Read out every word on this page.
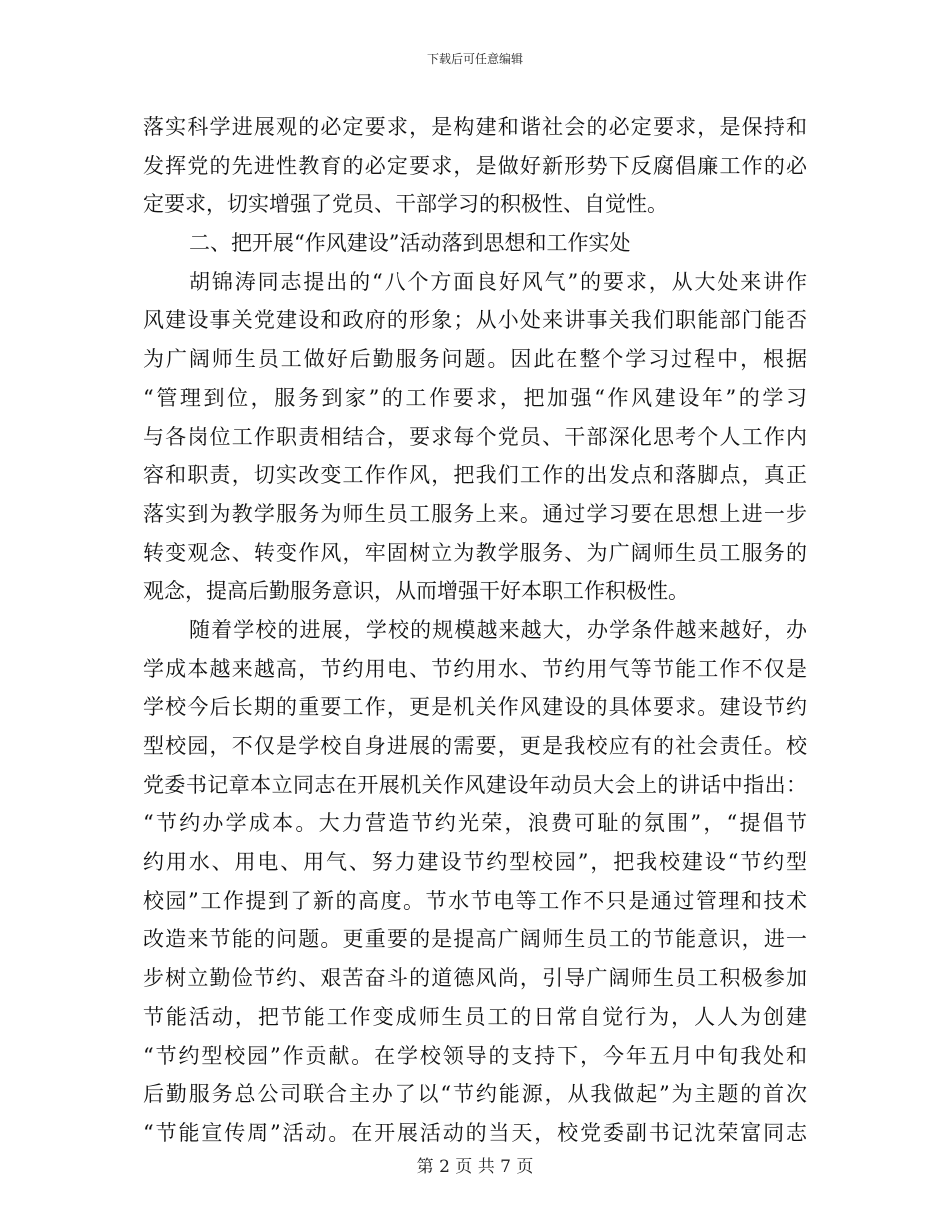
下载后可任意编辑
落实科学进展观的必定要求，是构建和谐社会的必定要求，是保持和
发挥党的先进性教育的必定要求，是做好新形势下反腐倡廉工作的必
定要求，切实增强了党员、干部学习的积极性、自觉性。
二、把开展“作风建设”活动落到思想和工作实处
胡锦涛同志提出的“八个方面良好风气”的要求，从大处来讲作
风建设事关党建设和政府的形象；从小处来讲事关我们职能部门能否
为广阔师生员工做好后勤服务问题。因此在整个学习过程中，根据
“管理到位，服务到家”的工作要求，把加强“作风建设年”的学习
与各岗位工作职责相结合，要求每个党员、干部深化思考个人工作内
容和职责，切实改变工作作风，把我们工作的出发点和落脚点，真正
落实到为教学服务为师生员工服务上来。通过学习要在思想上进一步
转变观念、转变作风，牢固树立为教学服务、为广阔师生员工服务的
观念，提高后勤服务意识，从而增强干好本职工作积极性。
随着学校的进展，学校的规模越来越大，办学条件越来越好，办
学成本越来越高，节约用电、节约用水、节约用气等节能工作不仅是
学校今后长期的重要工作，更是机关作风建设的具体要求。建设节约
型校园，不仅是学校自身进展的需要，更是我校应有的社会责任。校
党委书记章本立同志在开展机关作风建设年动员大会上的讲话中指出：
“节约办学成本。大力营造节约光荣，浪费可耻的氛围”，“提倡节
约用水、用电、用气、努力建设节约型校园”，把我校建设“节约型
校园”工作提到了新的高度。节水节电等工作不只是通过管理和技术
改造来节能的问题。更重要的是提高广阔师生员工的节能意识，进一
步树立勤俭节约、艰苦奋斗的道德风尚，引导广阔师生员工积极参加
节能活动，把节能工作变成师生员工的日常自觉行为，人人为创建
“节约型校园”作贡献。在学校领导的支持下，今年五月中旬我处和
后勤服务总公司联合主办了以“节约能源，从我做起”为主题的首次
“节能宣传周”活动。在开展活动的当天，校党委副书记沈荣富同志
第 2 页 共 7 页
